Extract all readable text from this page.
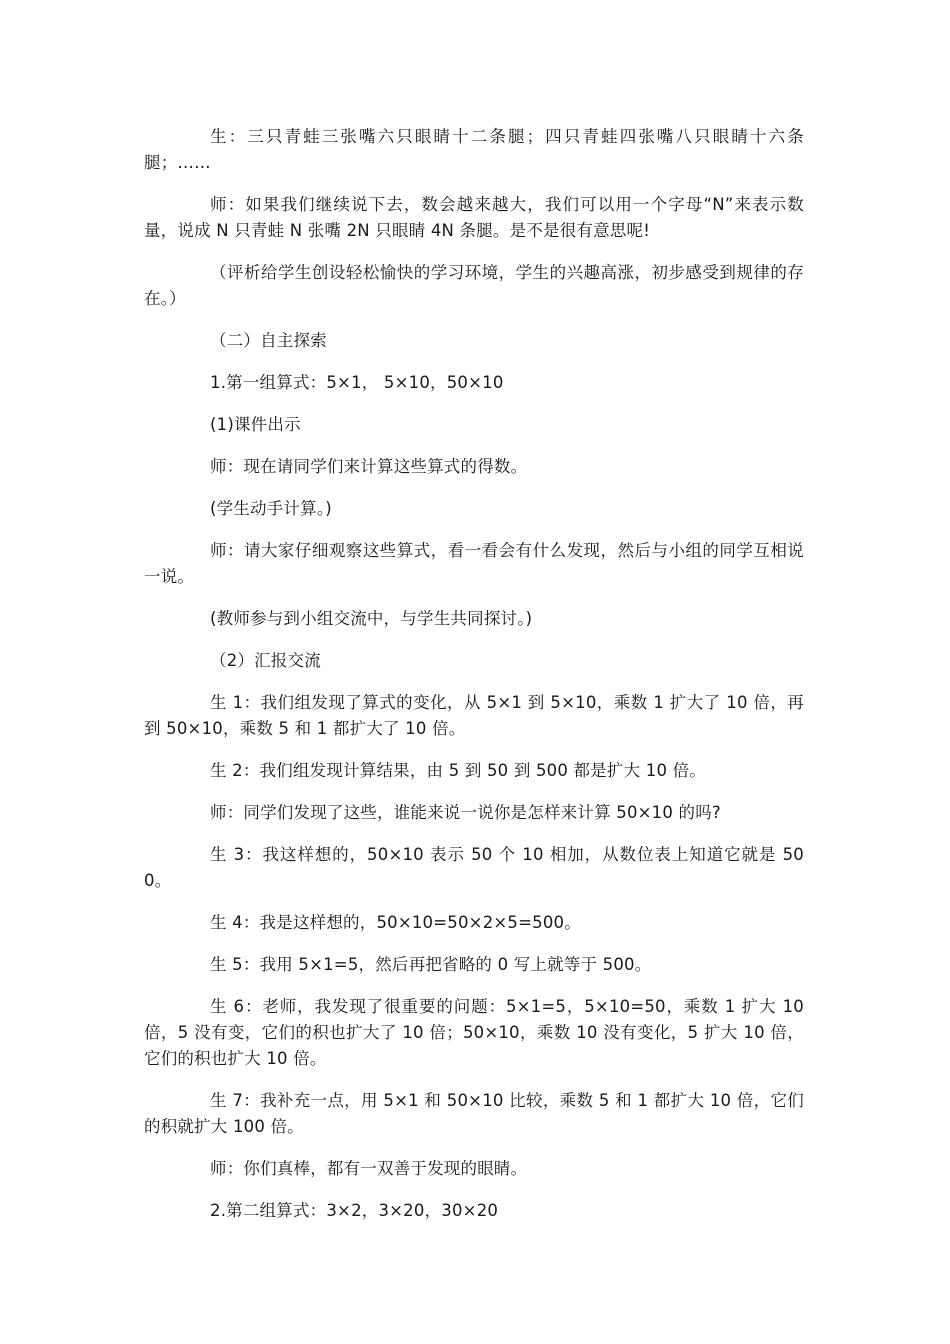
生：三只青蛙三张嘴六只眼睛十二条腿；四只青蛙四张嘴八只眼睛十六条腿；……

师：如果我们继续说下去，数会越来越大，我们可以用一个字母“N”来表示数量，说成 N 只青蛙 N 张嘴 2N 只眼睛 4N 条腿。是不是很有意思呢!

（评析给学生创设轻松愉快的学习环境，学生的兴趣高涨，初步感受到规律的存在。）

（二）自主探索

1.第一组算式：5×1， 5×10，50×10

(1)课件出示

师：现在请同学们来计算这些算式的得数。

(学生动手计算。)

师：请大家仔细观察这些算式，看一看会有什么发现，然后与小组的同学互相说一说。

(教师参与到小组交流中，与学生共同探讨。)

（2）汇报交流

生 1：我们组发现了算式的变化，从 5×1 到 5×10，乘数 1 扩大了 10 倍，再到 50×10，乘数 5 和 1 都扩大了 10 倍。

生 2：我们组发现计算结果，由 5 到 50 到 500 都是扩大 10 倍。

师：同学们发现了这些，谁能来说一说你是怎样来计算 50×10 的吗?

生 3：我这样想的，50×10 表示 50 个 10 相加，从数位表上知道它就是 500。

生 4：我是这样想的，50×10=50×2×5=500。

生 5：我用 5×1=5，然后再把省略的 0 写上就等于 500。

生 6：老师，我发现了很重要的问题：5×1=5，5×10=50，乘数 1 扩大 10 倍，5 没有变，它们的积也扩大了 10 倍；50×10，乘数 10 没有变化，5 扩大 10 倍，它们的积也扩大 10 倍。

生 7：我补充一点，用 5×1 和 50×10 比较，乘数 5 和 1 都扩大 10 倍，它们的积就扩大 100 倍。

师：你们真棒，都有一双善于发现的眼睛。

2.第二组算式：3×2，3×20，30×20
